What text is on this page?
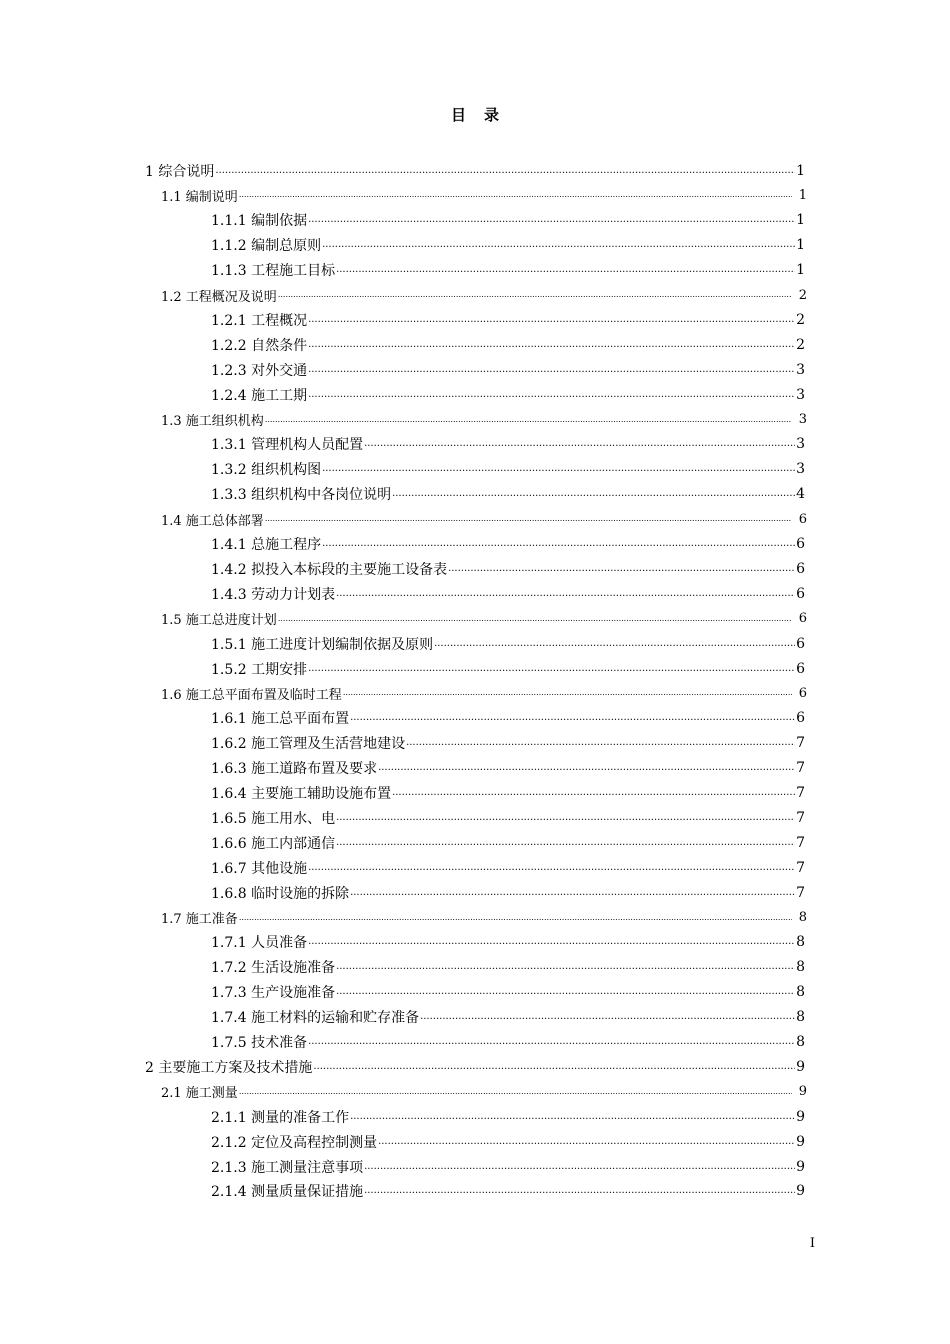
目 录
1 综合说明 .....	1
1.1 编制说明 .....	1
1.1.1 编制依据 .....	1
1.1.2 编制总原则 .....	1
1.1.3 工程施工目标 .....	1
1.2 工程概况及说明 .....	2
1.2.1 工程概况 .....	2
1.2.2 自然条件 .....	2
1.2.3 对外交通 .....	3
1.2.4 施工工期 .....	3
1.3 施工组织机构 .....	3
1.3.1 管理机构人员配置 .....	3
1.3.2 组织机构图 .....	3
1.3.3 组织机构中各岗位说明 .....	4
1.4 施工总体部署 .....	6
1.4.1 总施工程序 .....	6
1.4.2 拟投入本标段的主要施工设备表 .....	6
1.4.3 劳动力计划表 .....	6
1.5 施工总进度计划 .....	6
1.5.1 施工进度计划编制依据及原则 .....	6
1.5.2 工期安排 .....	6
1.6 施工总平面布置及临时工程 .....	6
1.6.1 施工总平面布置 .....	6
1.6.2 施工管理及生活营地建设 .....	7
1.6.3 施工道路布置及要求 .....	7
1.6.4 主要施工辅助设施布置 .....	7
1.6.5 施工用水、电 .....	7
1.6.6 施工内部通信 .....	7
1.6.7 其他设施 .....	7
1.6.8 临时设施的拆除 .....	7
1.7 施工准备 .....	8
1.7.1 人员准备 .....	8
1.7.2 生活设施准备 .....	8
1.7.3 生产设施准备 .....	8
1.7.4 施工材料的运输和贮存准备 .....	8
1.7.5 技术准备 .....	8
2 主要施工方案及技术措施 .....	9
2.1 施工测量 .....	9
2.1.1 测量的准备工作 .....	9
2.1.2 定位及高程控制测量 .....	9
2.1.3 施工测量注意事项 .....	9
2.1.4 测量质量保证措施 .....	9
I
